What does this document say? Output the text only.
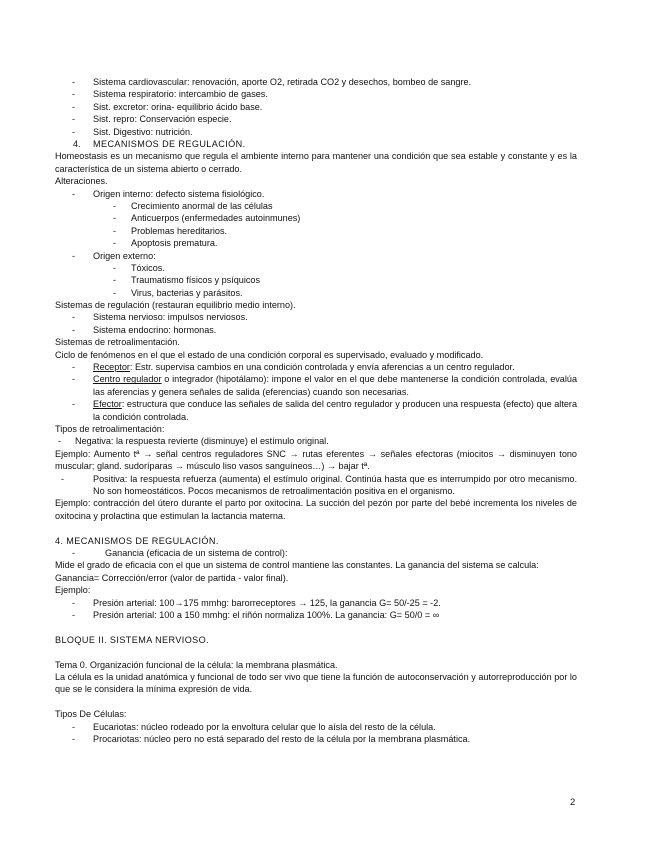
- Sistema cardiovascular: renovación, aporte O2, retirada CO2 y desechos, bombeo de sangre.
- Sistema respiratorio: intercambio de gases.
- Sist. excretor: orina- equilibrio ácido base.
- Sist. repro: Conservación especie.
- Sist. Digestivo: nutrición.
4. MECANISMOS DE REGULACIÓN.
Homeostasis es un mecanismo que regula el ambiente interno para mantener una condición que sea estable y constante y es la característica de un sistema abierto o cerrado.
Alteraciones.
- Origen interno: defecto sistema fisiológico.
- Crecimiento anormal de las células
- Anticuerpos (enfermedades autoinmunes)
- Problemas hereditarios.
- Apoptosis prematura.
- Origen externo:
- Tóxicos.
- Traumatismo físicos y psíquicos
- Virus, bacterias y parásitos.
Sistemas de regulación (restauran equilibrio medio interno).
- Sistema nervioso: impulsos nerviosos.
- Sistema endocrino: hormonas.
Sistemas de retroalimentación.
Ciclo de fenómenos en el que el estado de una condición corporal es supervisado, evaluado y modificado.
- Receptor: Estr. supervisa cambios en una condición controlada y envía aferencias a un centro regulador.
- Centro regulador o integrador (hipotálamo): impone el valor en el que debe mantenerse la condición controlada, evalúa las aferencias y genera señales de salida (eferencias) cuando son necesarias.
- Efector: estructura que conduce las señales de salida del centro regulador y producen una respuesta (efecto) que altera la condición controlada.
Tipos de retroalimentación:
- Negativa: la respuesta revierte (disminuye) el estímulo original.
Ejemplo: Aumento tª → señal centros reguladores SNC → rutas eferentes → señales efectoras (miocitos → disminuyen tono muscular; gland. sudoríparas → músculo liso vasos sanguíneos…) → bajar tª.
- Positiva: la respuesta refuerza (aumenta) el estímulo original. Continúa hasta que es interrumpido por otro mecanismo. No son homeostáticos. Pocos mecanismos de retroalimentación positiva en el organismo.
Ejemplo: contracción del útero durante el parto por oxitocina. La succión del pezón por parte del bebé incrementa los niveles de oxitocina y prolactina que estimulan la lactancia materna.
4. MECANISMOS DE REGULACIÓN.
- Ganancia (eficacia de un sistema de control):
Mide el grado de eficacia con el que un sistema de control mantiene las constantes. La ganancia del sistema se calcula:
Ganancia= Corrección/error (valor de partida - valor final).
Ejemplo:
- Presión arterial: 100→175 mmhg: barorreceptores → 125, la ganancia G= 50/-25 = -2.
- Presión arterial: 100 a 150 mmhg: el riñón normaliza 100%. La ganancia: G= 50/0 = ∞
BLOQUE II. SISTEMA NERVIOSO.
Tema 0. Organización funcional de la célula: la membrana plasmática.
La célula es la unidad anatómica y funcional de todo ser vivo que tiene la función de autoconservación y autorreproducción por lo que se le considera la mínima expresión de vida.
Tipos De Células:
- Eucariotas: núcleo rodeado por la envoltura celular que lo aísla del resto de la célula.
- Procariotas: núcleo pero no está separado del resto de la célula por la membrana plasmática.
2
